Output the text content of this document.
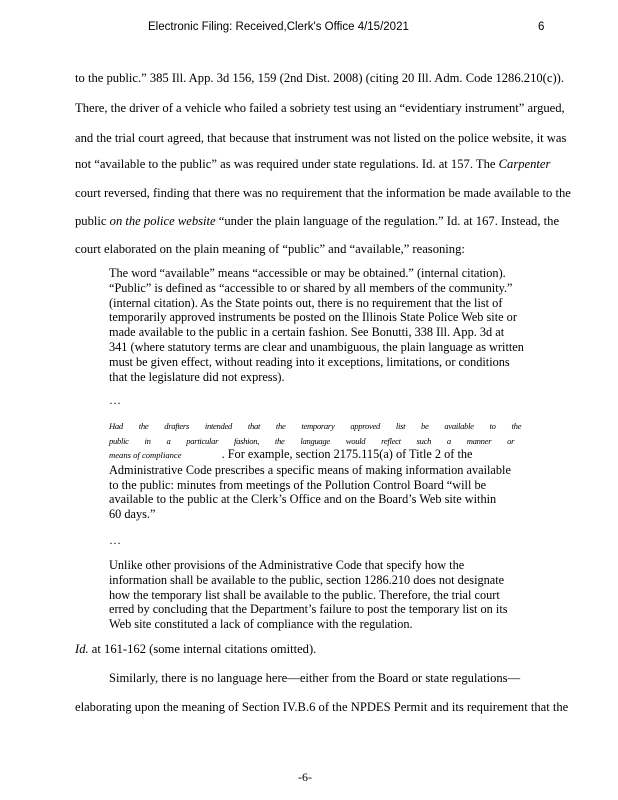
Electronic Filing: Received,Clerk's Office 4/15/2021	6
to the public.” 385 Ill. App. 3d 156, 159 (2nd Dist. 2008) (citing 20 Ill. Adm. Code 1286.210(c)).
There, the driver of a vehicle who failed a sobriety test using an “evidentiary instrument” argued,
and the trial court agreed, that because that instrument was not listed on the police website, it was
not “available to the public” as was required under state regulations. Id. at 157. The Carpenter
court reversed, finding that there was no requirement that the information be made available to the
public on the police website “under the plain language of the regulation.” Id. at 167. Instead, the
court elaborated on the plain meaning of “public” and “available,” reasoning:

The word “available” means “accessible or may be obtained.” (internal citation).

“Public” is defined as “accessible to or shared by all members of the community.”

(internal citation). As the State points out, there is no requirement that the list of

temporarily approved instruments be posted on the Illinois State Police Web site or

made available to the public in a certain fashion. See Bonutti, 338 Ill. App. 3d at

341 (where statutory terms are clear and unambiguous, the plain language as written

must be given effect, without reading into it exceptions, limitations, or conditions

that the legislature did not express).

…
Had the drafters intended that the temporary approved list be available to the
public in a particular fashion, the language would reflect such a manner or

means of compliance	. For example, section 2175.115(a) of Title 2 of the

Administrative Code prescribes a specific means of making information available

to the public: minutes from meetings of the Pollution Control Board “will be

available to the public at the Clerk’s Office and on the Board’s Web site within

60 days.”

…

Unlike other provisions of the Administrative Code that specify how the

information shall be available to the public, section 1286.210 does not designate

how the temporary list shall be available to the public. Therefore, the trial court

erred by concluding that the Department’s failure to post the temporary list on its

Web site constituted a lack of compliance with the regulation.

Id. at 161-162 (some internal citations omitted).
Similarly, there is no language here—either from the Board or state regulations—
elaborating upon the meaning of Section IV.B.6 of the NPDES Permit and its requirement that the
-6-
